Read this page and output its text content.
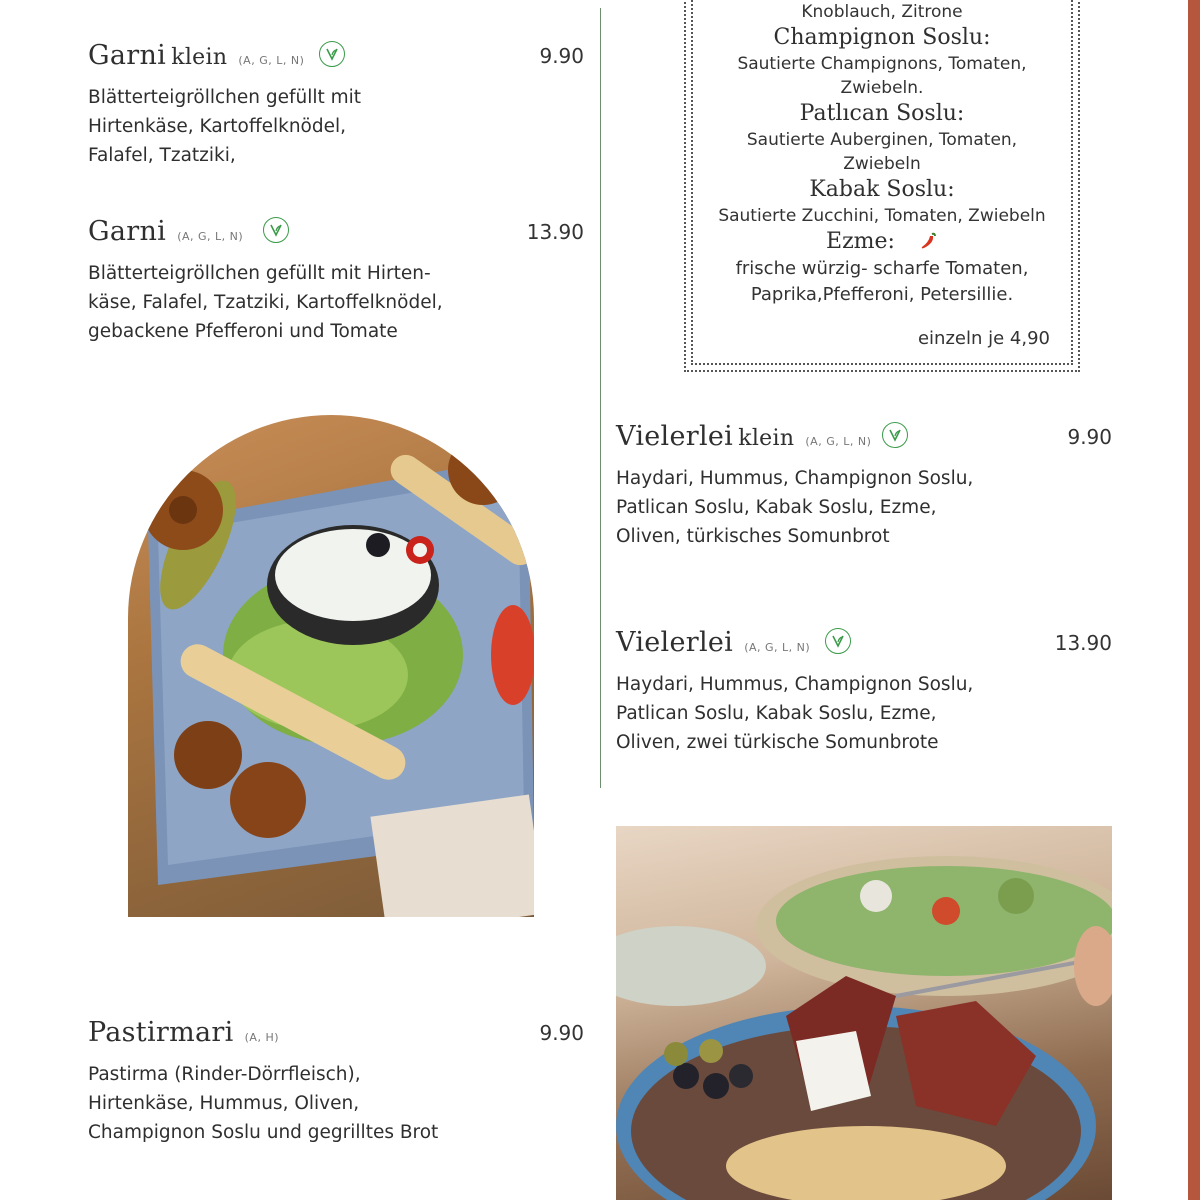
Garni klein (A, G, L, N)	9.90
Blätterteigröllchen gefüllt mit
Hirtenkäse, Kartoffelknödel,
Falafel, Tzatziki,
Garni (A, G, L, N)	13.90
Blätterteigröllchen gefüllt mit Hirten-
käse, Falafel, Tzatziki, Kartoffelknödel,
gebackene Pfefferoni und Tomate
Pastirmari (A, H)	9.90
Pastirma (Rinder-Dörrfleisch),
Hirtenkäse, Hummus, Oliven,
Champignon Soslu und gegrilltes Brot
Knoblauch, Zitrone
Champignon Soslu:
Sautierte Champignons, Tomaten,
Zwiebeln.
Patlıcan Soslu:
Sautierte Auberginen, Tomaten,
Zwiebeln
Kabak Soslu:
Sautierte Zucchini, Tomaten, Zwiebeln
Ezme:
frische würzig- scharfe Tomaten,
Paprika,Pfefferoni, Petersillie.
einzeln je 4,90
Vielerlei klein (A, G, L, N)	9.90
Haydari, Hummus, Champignon Soslu,
Patlican Soslu, Kabak Soslu, Ezme,
Oliven, türkisches Somunbrot
Vielerlei (A, G, L, N)	13.90
Haydari, Hummus, Champignon Soslu,
Patlican Soslu, Kabak Soslu, Ezme,
Oliven, zwei türkische Somunbrote
